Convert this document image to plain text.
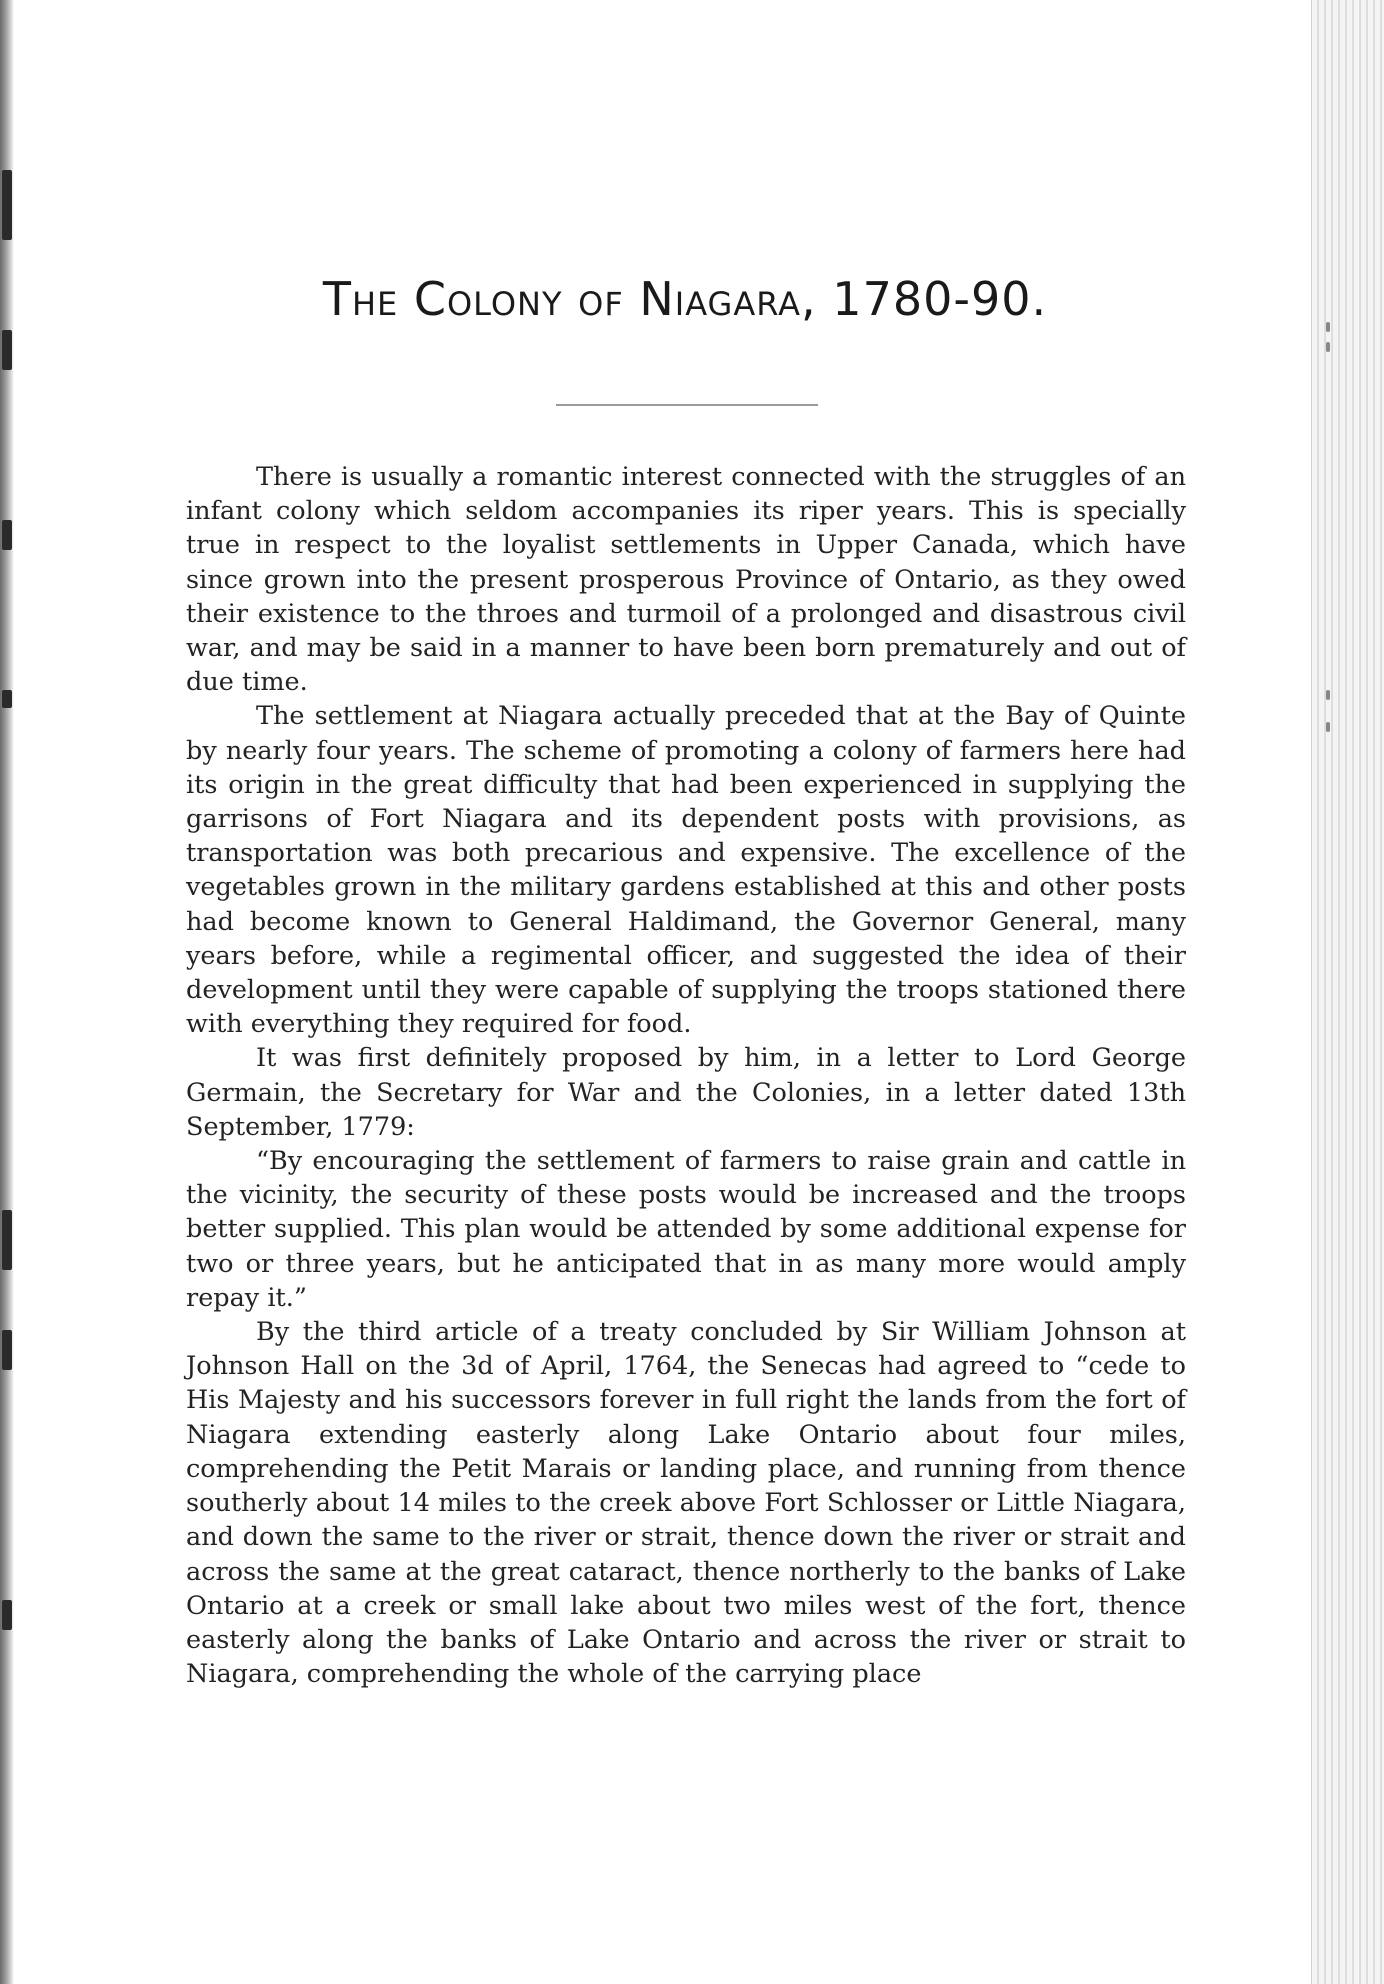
The Colony of Niagara, 1780-90.

There is usually a romantic interest connected with the struggles of an infant colony which seldom accompanies its riper years. This is specially true in respect to the loyalist settlements in Upper Canada, which have since grown into the present prosperous Province of Ontario, as they owed their existence to the throes and turmoil of a prolonged and disastrous civil war, and may be said in a manner to have been born prematurely and out of due time.

The settlement at Niagara actually preceded that at the Bay of Quinte by nearly four years. The scheme of promoting a colony of farmers here had its origin in the great difficulty that had been experienced in supplying the garrisons of Fort Niagara and its dependent posts with provisions, as transportation was both precarious and expensive. The excellence of the vegetables grown in the military gardens established at this and other posts had become known to General Haldimand, the Governor General, many years before, while a regimental officer, and suggested the idea of their development until they were capable of supplying the troops stationed there with everything they required for food.

It was first definitely proposed by him, in a letter to Lord George Germain, the Secretary for War and the Colonies, in a letter dated 13th September, 1779:

“By encouraging the settlement of farmers to raise grain and cattle in the vicinity, the security of these posts would be increased and the troops better supplied. This plan would be attended by some additional expense for two or three years, but he anticipated that in as many more would amply repay it.”

By the third article of a treaty concluded by Sir William Johnson at Johnson Hall on the 3d of April, 1764, the Senecas had agreed to “cede to His Majesty and his successors forever in full right the lands from the fort of Niagara extending easterly along Lake Ontario about four miles, comprehending the Petit Marais or landing place, and running from thence southerly about 14 miles to the creek above Fort Schlosser or Little Niagara, and down the same to the river or strait, thence down the river or strait and across the same at the great cataract, thence northerly to the banks of Lake Ontario at a creek or small lake about two miles west of the fort, thence easterly along the banks of Lake Ontario and across the river or strait to Niagara, comprehending the whole of the carrying place
